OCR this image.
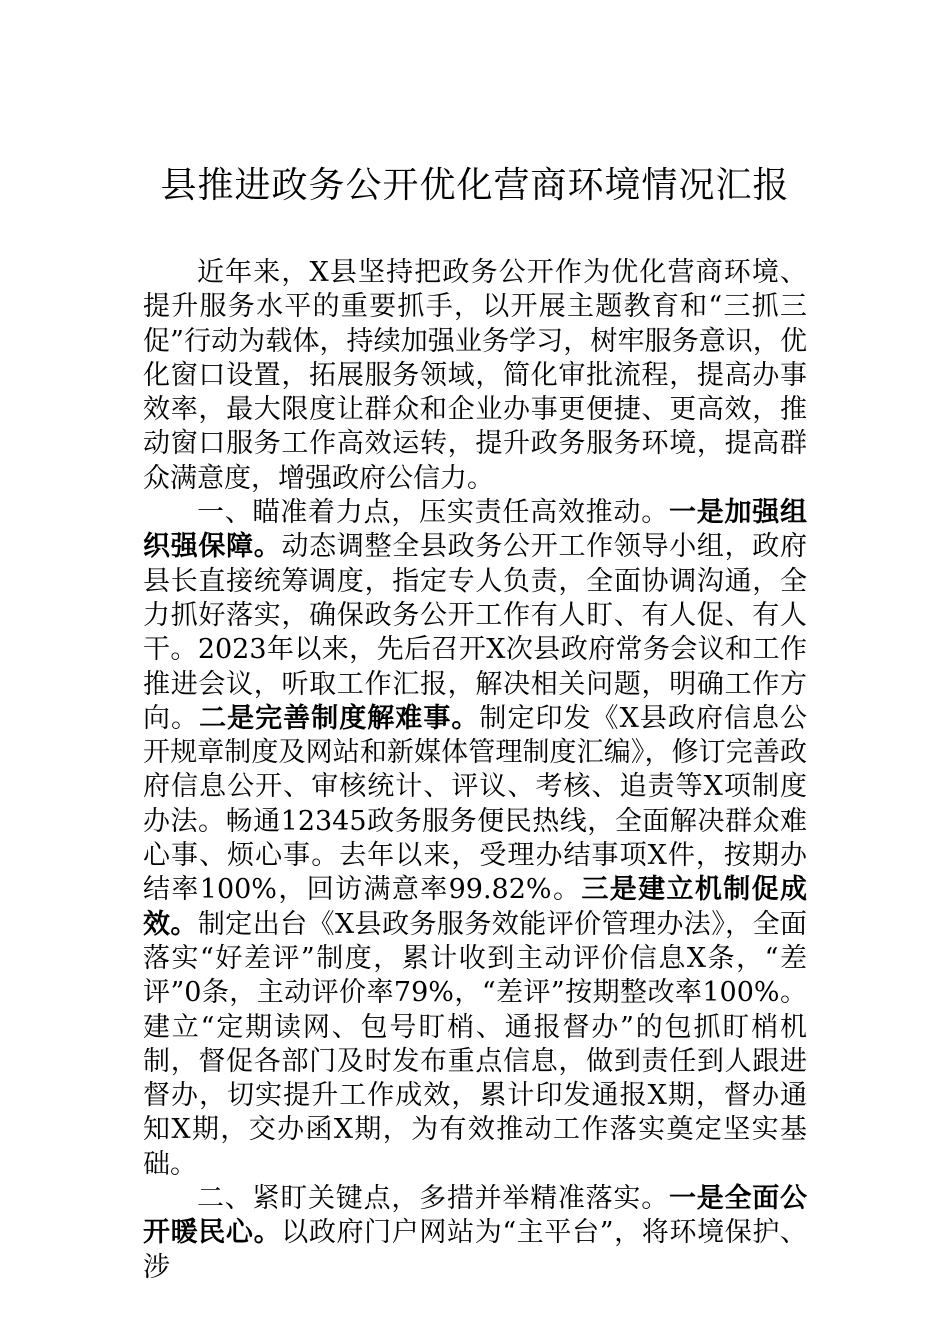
县推进政务公开优化营商环境情况汇报

近年来，X县坚持把政务公开作为优化营商环境、提升服务水平的重要抓手，以开展主题教育和“三抓三促”行动为载体，持续加强业务学习，树牢服务意识，优化窗口设置，拓展服务领域，简化审批流程，提高办事效率，最大限度让群众和企业办事更便捷、更高效，推动窗口服务工作高效运转，提升政务服务环境，提高群众满意度，增强政府公信力。

一、瞄准着力点，压实责任高效推动。一是加强组织强保障。动态调整全县政务公开工作领导小组，政府县长直接统筹调度，指定专人负责，全面协调沟通，全力抓好落实，确保政务公开工作有人盯、有人促、有人干。2023年以来，先后召开X次县政府常务会议和工作推进会议，听取工作汇报，解决相关问题，明确工作方向。二是完善制度解难事。制定印发《X县政府信息公开规章制度及网站和新媒体管理制度汇编》，修订完善政府信息公开、审核统计、评议、考核、追责等X项制度办法。畅通12345政务服务便民热线，全面解决群众难心事、烦心事。去年以来，受理办结事项X件，按期办结率100%，回访满意率99.82%。三是建立机制促成效。制定出台《X县政务服务效能评价管理办法》，全面落实“好差评”制度，累计收到主动评价信息X条，“差评”0条，主动评价率79%，“差评”按期整改率100%。建立“定期读网、包号盯梢、通报督办”的包抓盯梢机制，督促各部门及时发布重点信息，做到责任到人跟进督办，切实提升工作成效，累计印发通报X期，督办通知X期，交办函X期，为有效推动工作落实奠定坚实基础。

二、紧盯关键点，多措并举精准落实。一是全面公开暖民心。以政府门户网站为“主平台”，将环境保护、涉
